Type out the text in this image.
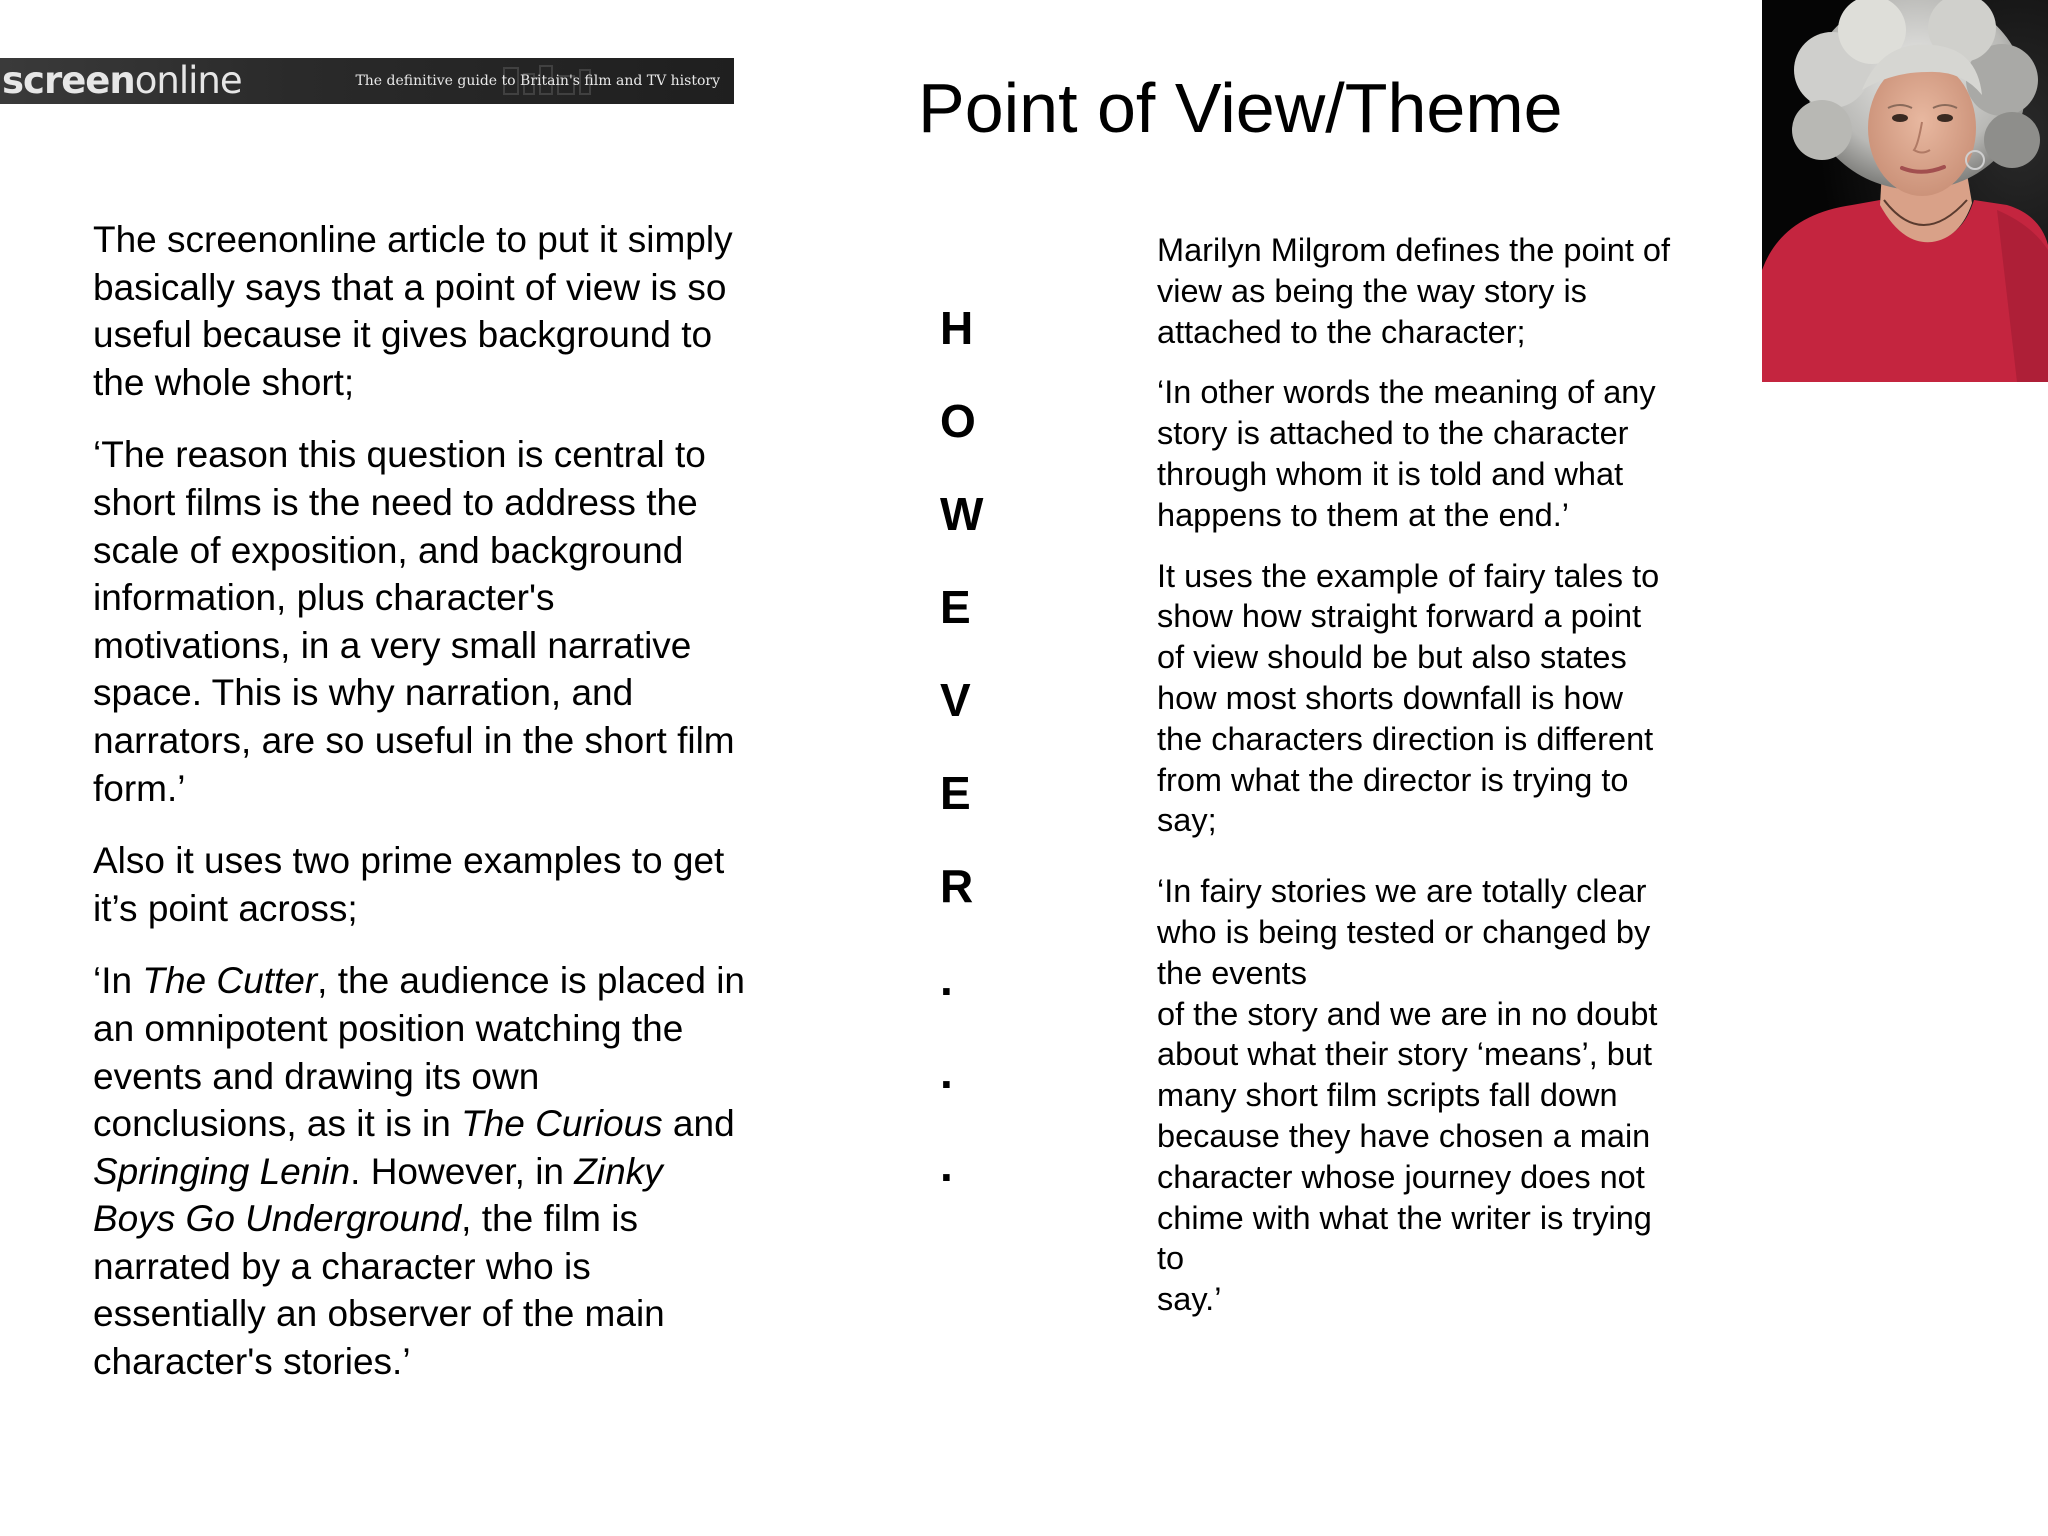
screenonline	The definitive guide to Britain's film and TV history	Point of View/Theme

The screenonline article to put it simply basically says that a point of view is so useful because it gives background to the whole short;

‘The reason this question is central to short films is the need to address the scale of exposition, and background information, plus character's motivations, in a very small narrative space. This is why narration, and narrators, are so useful in the short film form.’

Also it uses two prime examples to get it’s point across;

‘In The Cutter, the audience is placed in an omnipotent position watching the events and drawing its own conclusions, as it is in The Curious and Springing Lenin. However, in Zinky Boys Go Underground, the film is narrated by a character who is essentially an observer of the main character's stories.’

H
O
W
E
V
E
R
.
.
.

Marilyn Milgrom defines the point of view as being the way story is attached to the character;

‘In other words the meaning of any story is attached to the character through whom it is told and what happens to them at the end.’

It uses the example of fairy tales to show how straight forward a point of view should be but also states how most shorts downfall is how the characters direction is different from what the director is trying to say;

‘In fairy stories we are totally clear who is being tested or changed by the events
of the story and we are in no doubt about what their story ‘means’, but many short film scripts fall down
because they have chosen a main character whose journey does not chime with what the writer is trying to
say.’
